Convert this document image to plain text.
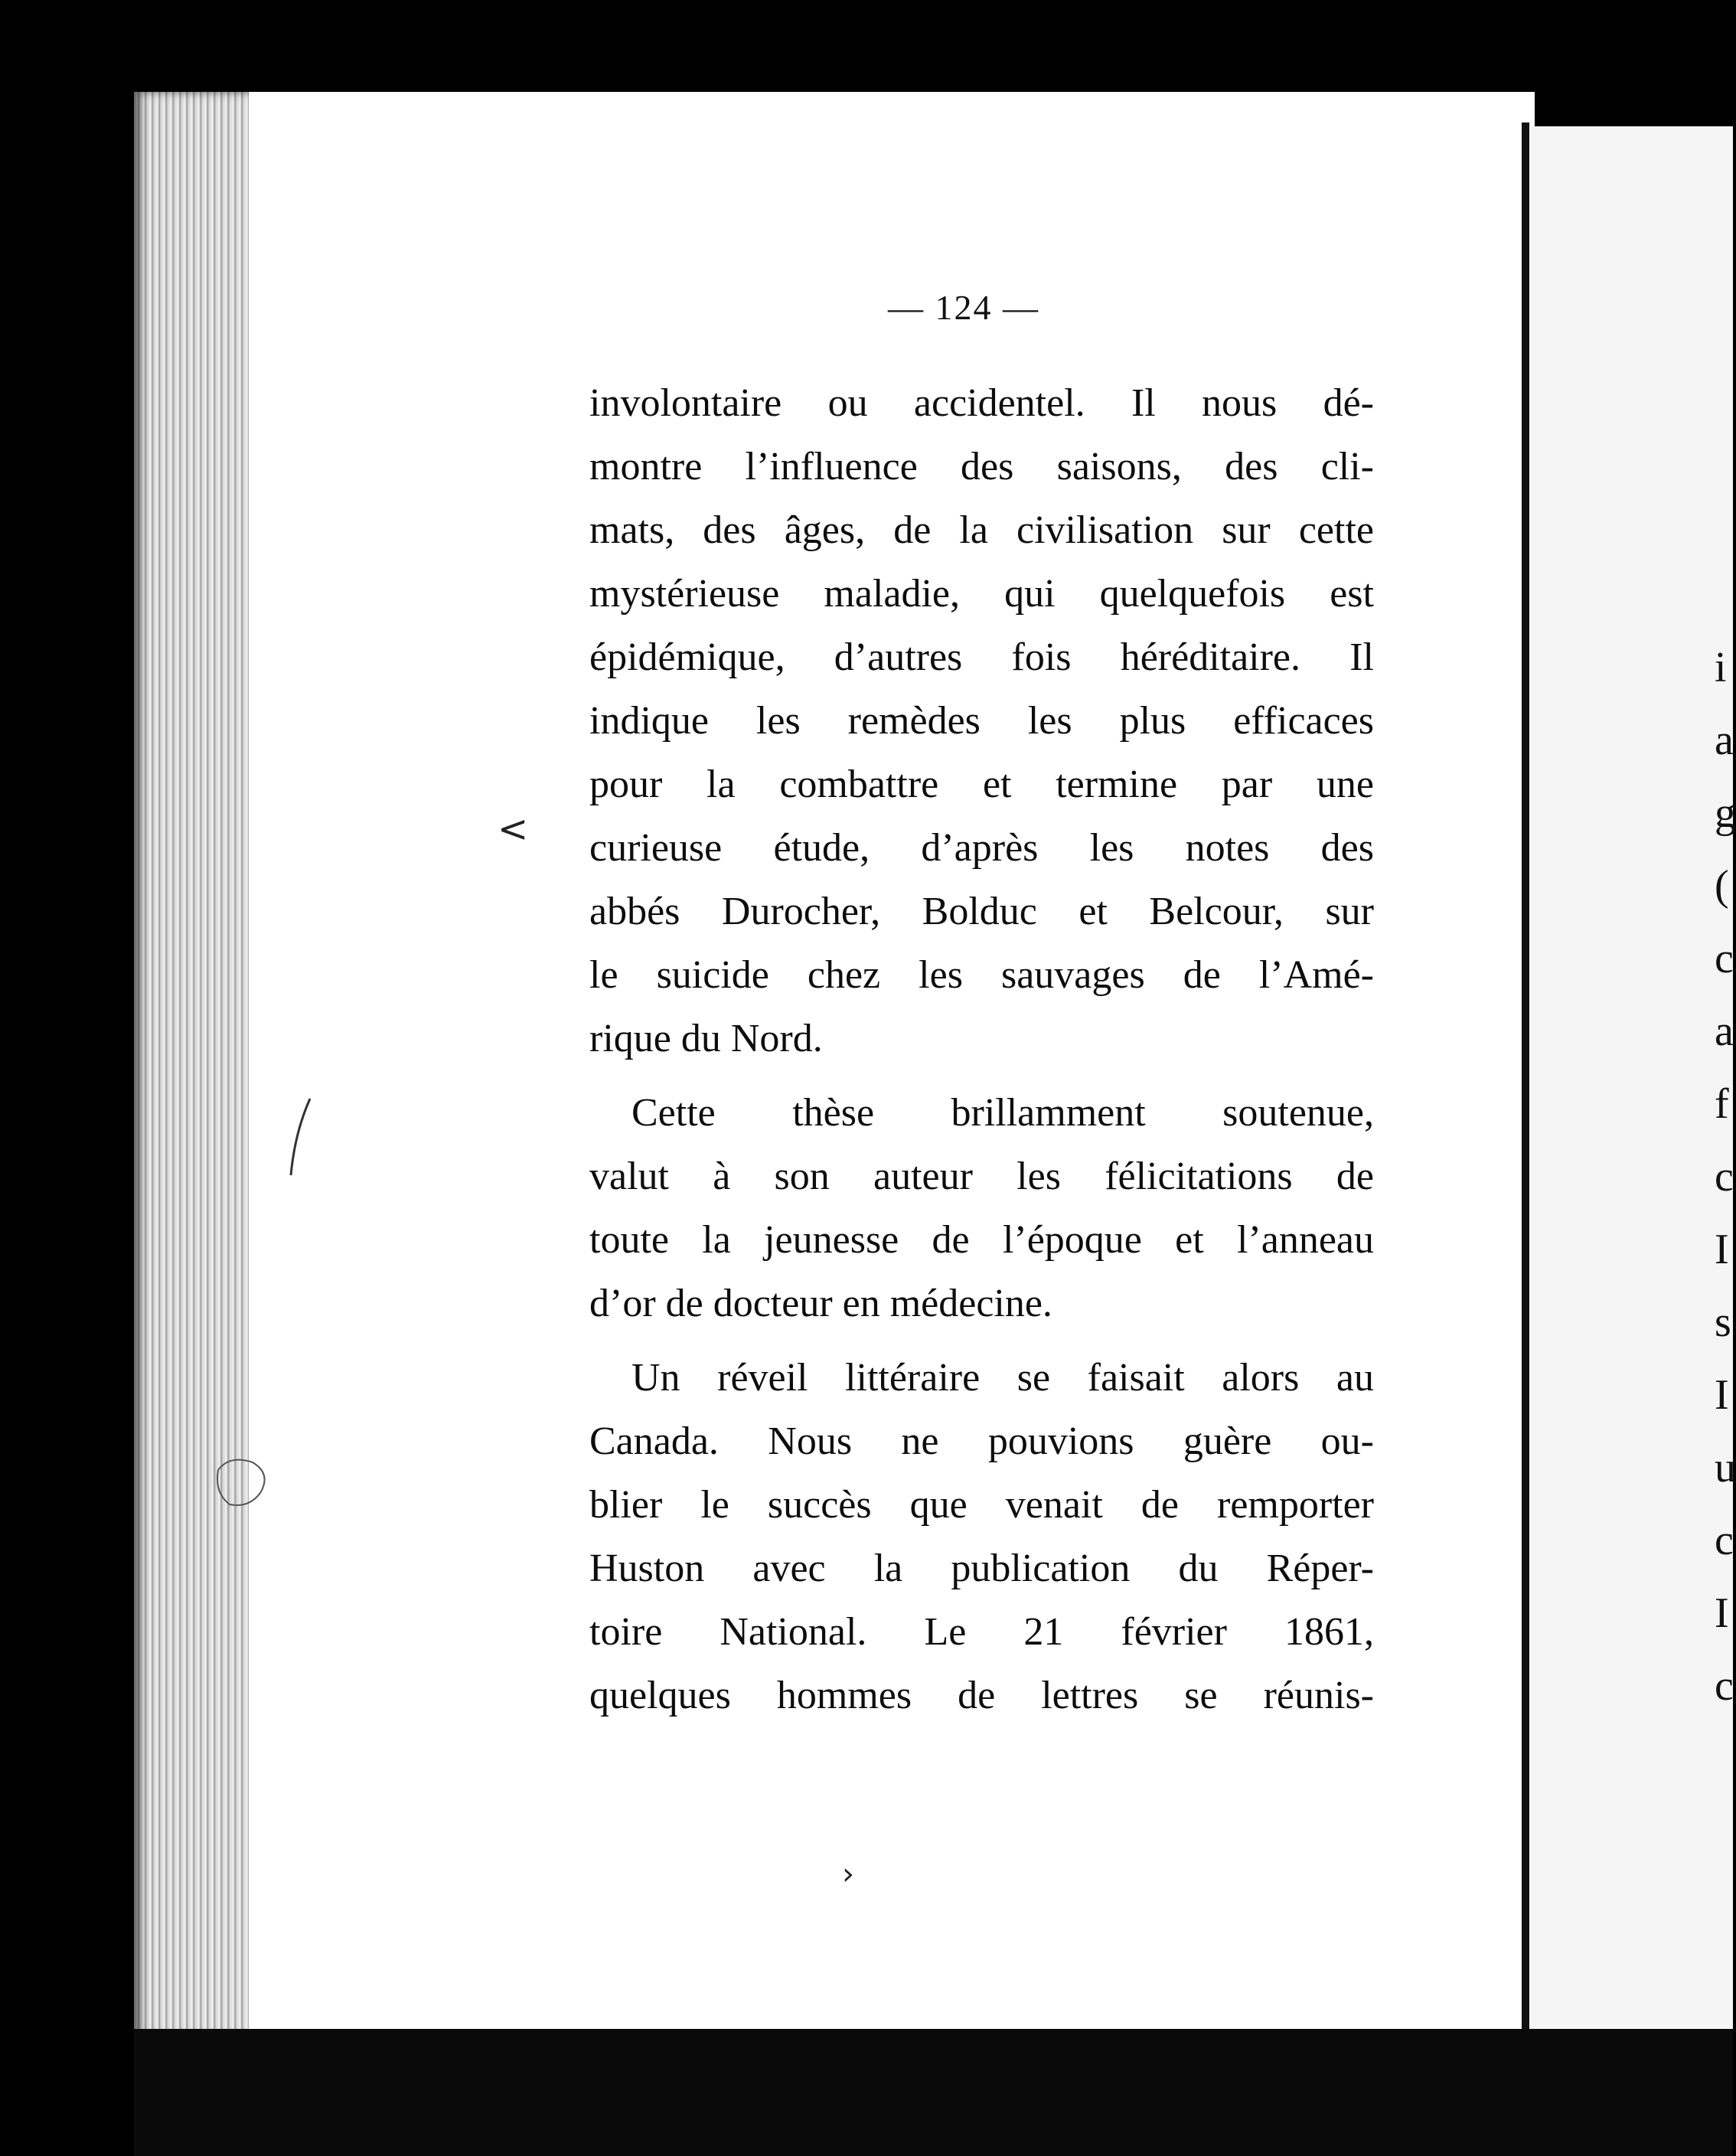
— 124 —
involontaire ou accidentel. Il nous dé-
montre l’influence des saisons, des cli-
mats, des âges, de la civilisation sur cette
mystérieuse maladie, qui quelquefois est
épidémique, d’autres fois héréditaire. Il
indique les remèdes les plus efficaces
pour la combattre et termine par une
curieuse étude, d’après les notes des
abbés Durocher, Bolduc et Belcour, sur
le suicide chez les sauvages de l’Amé-
rique du Nord.
Cette thèse brillamment soutenue,
valut à son auteur les félicitations de
toute la jeunesse de l’époque et l’anneau
d’or de docteur en médecine.
Un réveil littéraire se faisait alors au
Canada. Nous ne pouvions guère ou-
blier le succès que venait de remporter
Huston avec la publication du Réper-
toire National. Le 21 février 1861,
quelques hommes de lettres se réunis-
i
a
g
(
c
a
f
c
I
s
I
u
c
I
c
<
›
